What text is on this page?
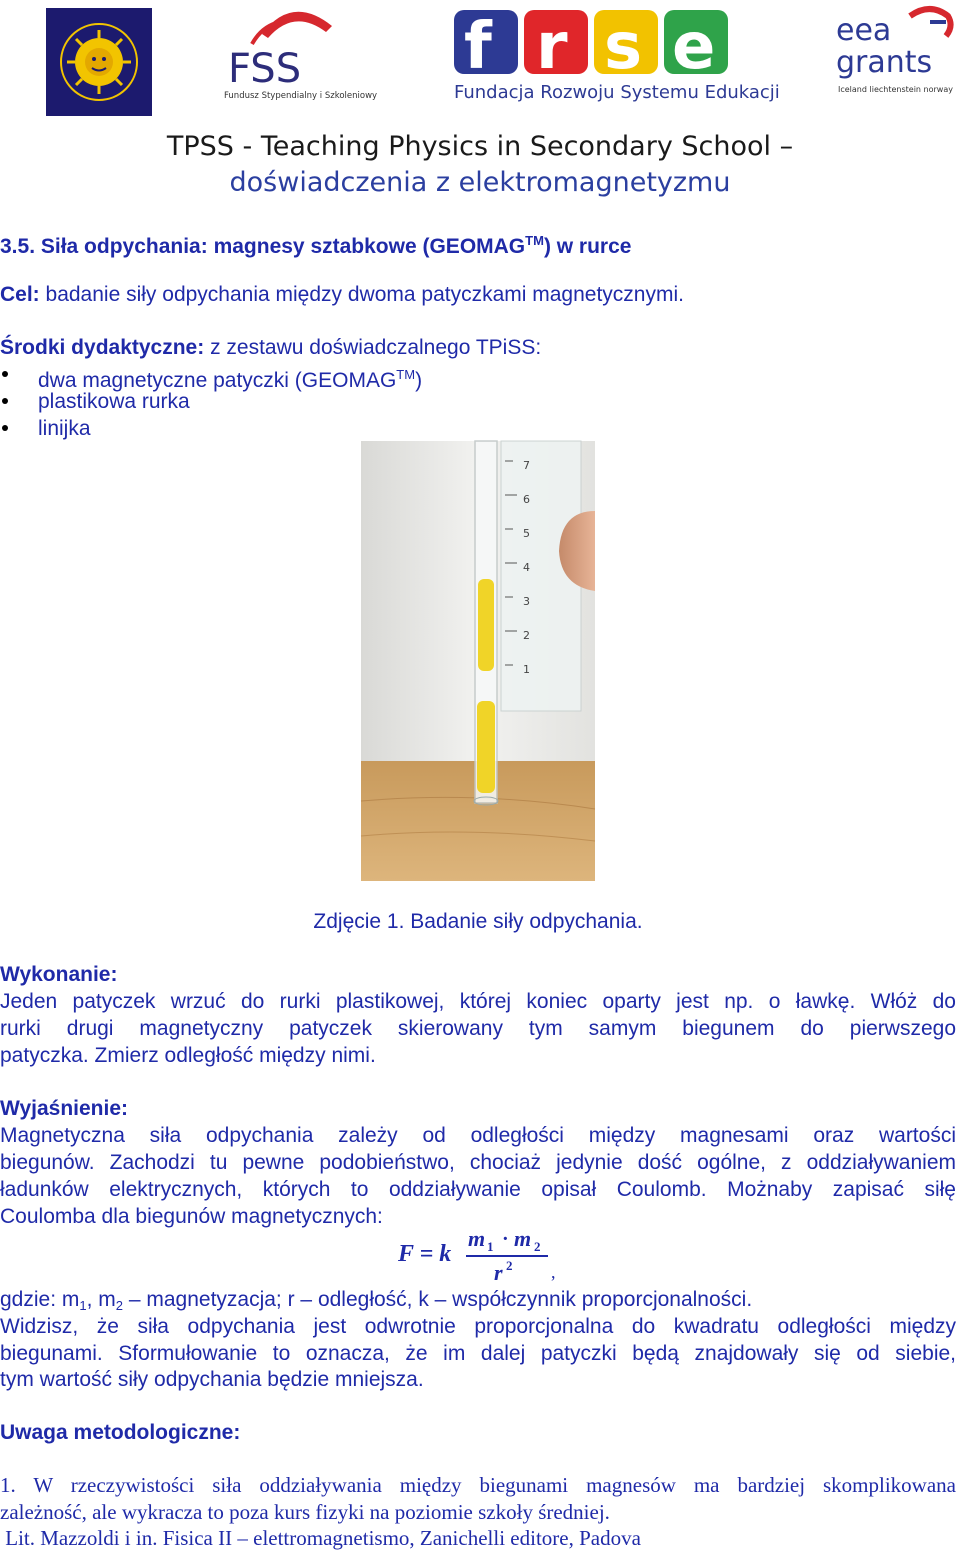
FSS
Fundusz Stypendialny i Szkoleniowy
f r s e
Fundacja Rozwoju Systemu Edukacji
eea
grants
Iceland liechtenstein norway
TPSS - Teaching Physics in Secondary School –
doświadczenia z elektromagnetyzmu
3.5. Siła odpychania: magnesy sztabkowe (GEOMAG™) w rurce
Cel: badanie siły odpychania między dwoma patyczkami magnetycznymi.
Środki dydaktyczne: z zestawu doświadczalnego TPiSS:
dwa magnetyczne patyczki (GEOMAG™)
plastikowa rurka
linijka
7
6
5
4
3
2
1
Zdjęcie 1. Badanie siły odpychania.
Wykonanie:
Jeden patyczek wrzuć do rurki plastikowej, której koniec oparty jest np. o ławkę. Włóż do
rurki drugi magnetyczny patyczek skierowany tym samym biegunem do pierwszego
patyczka. Zmierz odległość między nimi.
Wyjaśnienie:
Magnetyczna siła odpychania zależy od odległości między magnesami oraz wartości
biegunów. Zachodzi tu pewne podobieństwo, chociaż jedynie dość ogólne, z oddziaływaniem
ładunków elektrycznych, których to oddziaływanie opisał Coulomb. Możnaby zapisać siłę
Coulomba dla biegunów magnetycznych:
F = k
m 1 · m 2
r 2 ,
gdzie: $m_1$, $m_2$ – magnetyzacja; r – odległość, k – współczynnik proporcjonalności.
Widzisz, że siła odpychania jest odwrotnie proporcjonalna do kwadratu odległości między
biegunami. Sformułowanie to oznacza, że im dalej patyczki będą znajdowały się od siebie,
tym wartość siły odpychania będzie mniejsza.
Uwaga metodologiczne:
1. W rzeczywistości siła oddziaływania między biegunami magnesów ma bardziej skomplikowana
zależność, ale wykracza to poza kurs fizyki na poziomie szkoły średniej.
Lit. Mazzoldi i in. Fisica II – elettromagnetismo, Zanichelli editore, Padova
